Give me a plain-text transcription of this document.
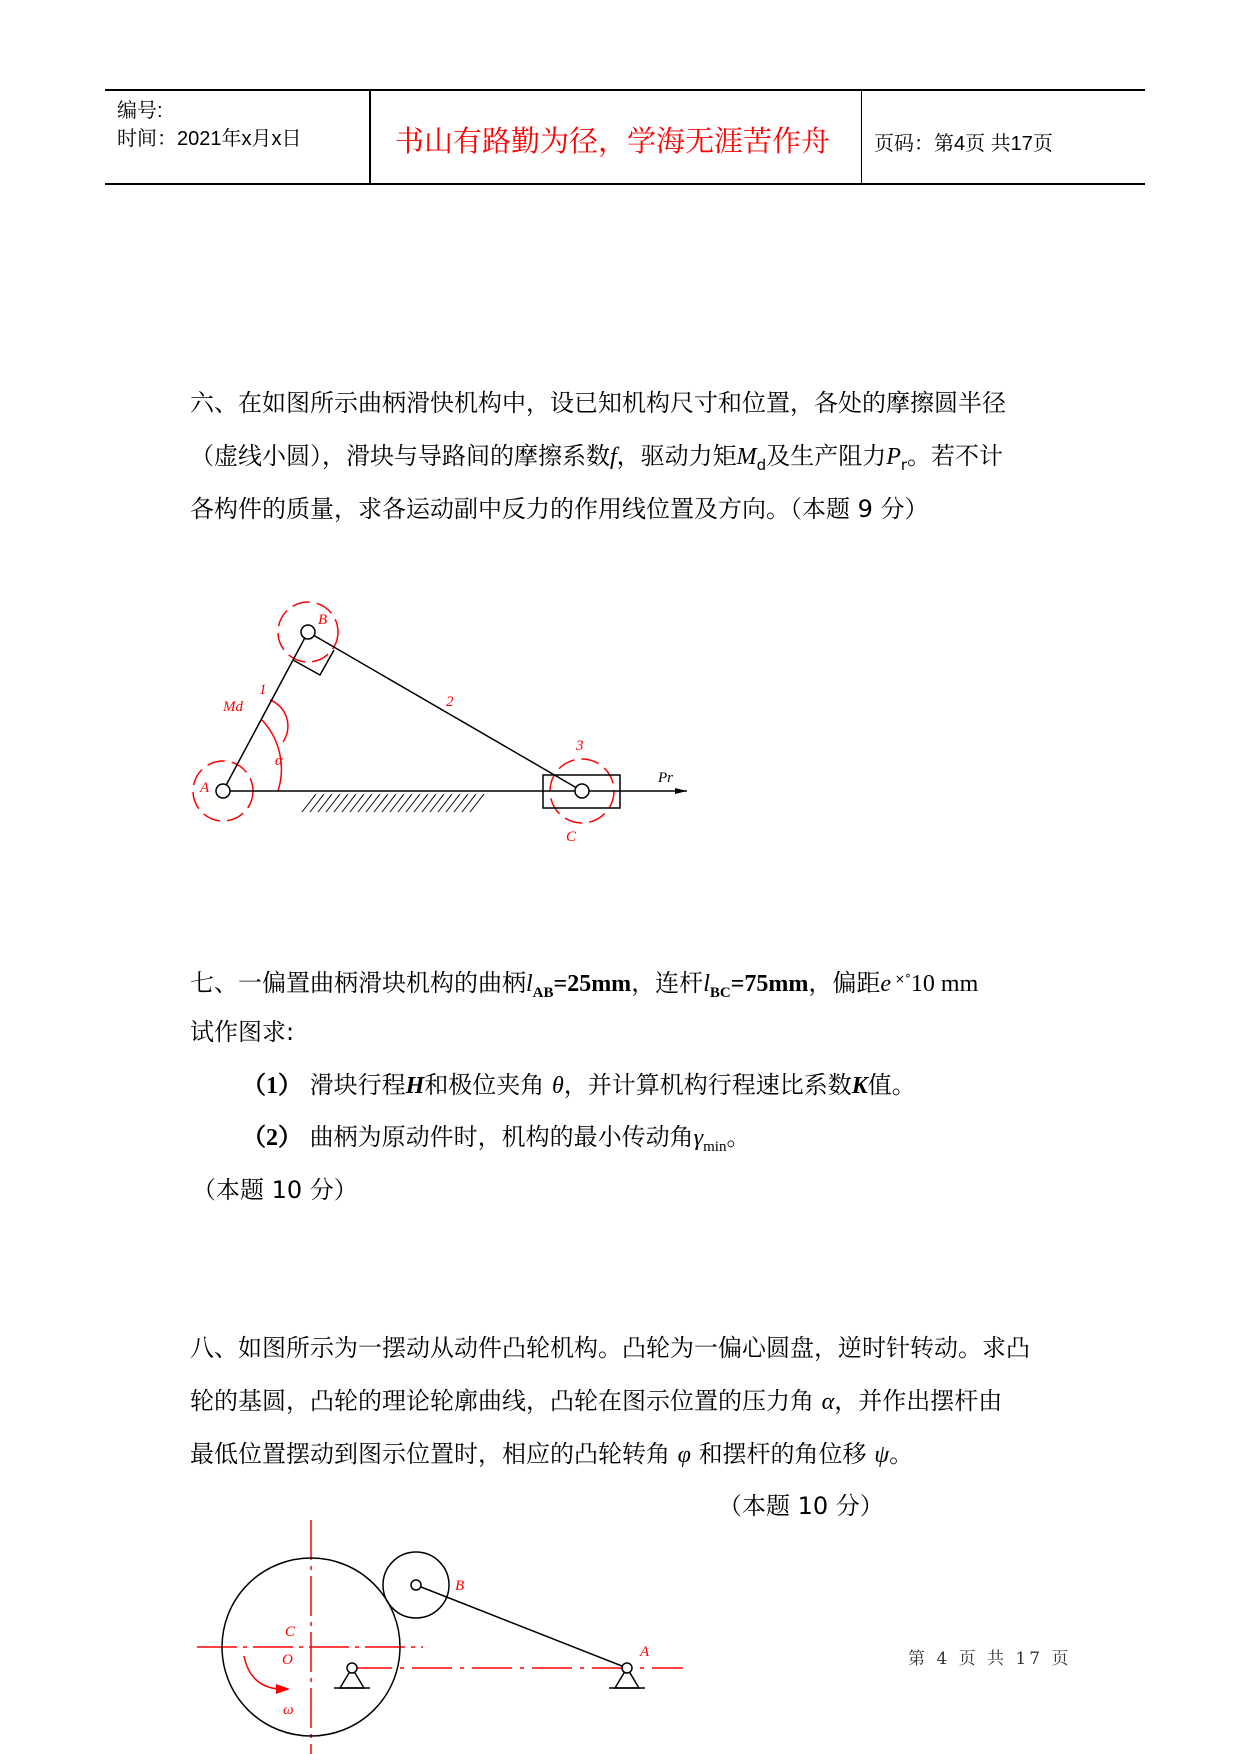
编号:
时间：2021年x月x日	书山有路勤为径，学海无涯苦作舟 页码：第4页 共17页
六、在如图所示曲柄滑快机构中，设已知机构尺寸和位置，各处的摩擦圆半径
（虚线小圆），滑块与导路间的摩擦系数f，驱动力矩$M_d$及生产阻力$P_r$。若不计
各构件的质量，求各运动副中反力的作用线位置及方向。（本题 9 分）
七、一偏置曲柄滑块机构的曲柄$l_{AB}=25mm$，连杆$l_{BC}=75mm$，偏距e ×°10 mm
试作图求:
（1） 滑块行程H和极位夹角 θ，并计算机构行程速比系数K值。
（2） 曲柄为原动件时，机构的最小传动角$\gamma_{min}$。
（本题 10 分）
八、如图所示为一摆动从动件凸轮机构。凸轮为一偏心圆盘，逆时针转动。求凸
轮的基圆，凸轮的理论轮廓曲线，凸轮在图示位置的压力角 α，并作出摆杆由
最低位置摆动到图示位置时，相应的凸轮转角 φ 和摆杆的角位移 ψ。
（本题 10 分）
A
B
C
1
2
3
Md
α
Pr
B
A
C
O
ω
第 4 页 共 17 页
